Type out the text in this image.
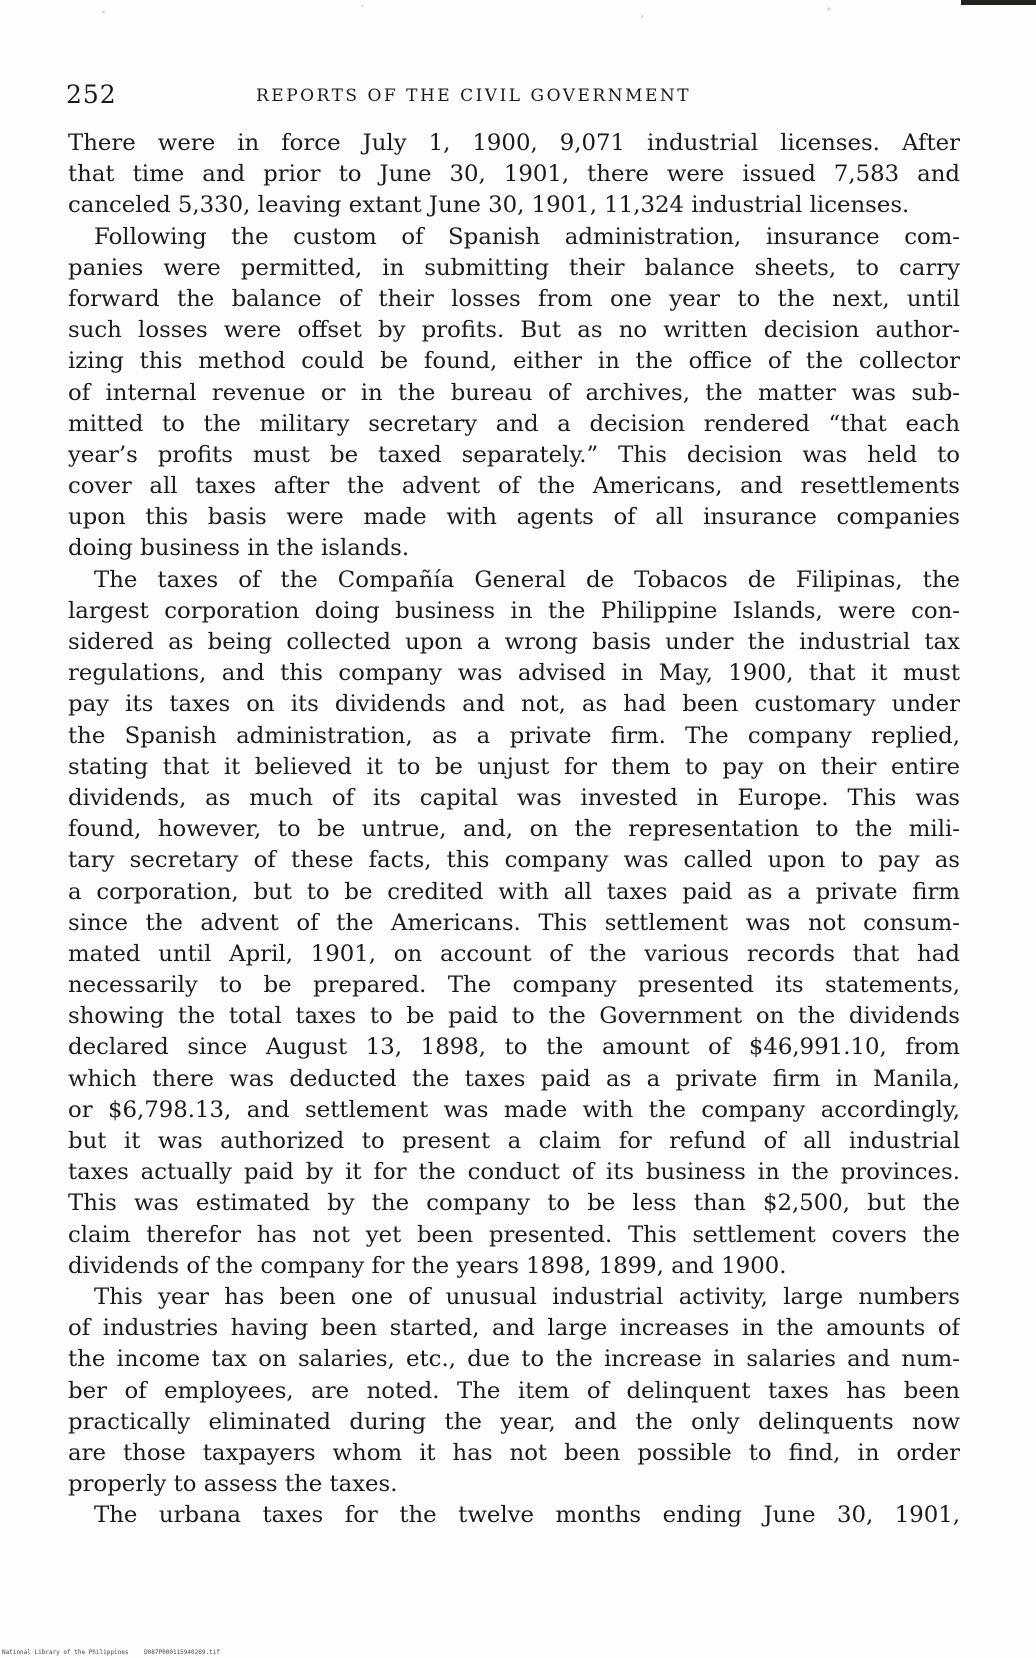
252	REPORTS OF THE CIVIL GOVERNMENT
There were in force July 1, 1900, 9,071 industrial licenses. After
that time and prior to June 30, 1901, there were issued 7,583 and
canceled 5,330, leaving extant June 30, 1901, 11,324 industrial licenses.
Following the custom of Spanish administration, insurance com-
panies were permitted, in submitting their balance sheets, to carry
forward the balance of their losses from one year to the next, until
such losses were offset by profits. But as no written decision author-
izing this method could be found, either in the office of the collector
of internal revenue or in the bureau of archives, the matter was sub-
mitted to the military secretary and a decision rendered “that each
year’s profits must be taxed separately.” This decision was held to
cover all taxes after the advent of the Americans, and resettlements
upon this basis were made with agents of all insurance companies
doing business in the islands.
The taxes of the Compañía General de Tobacos de Filipinas, the
largest corporation doing business in the Philippine Islands, were con-
sidered as being collected upon a wrong basis under the industrial tax
regulations, and this company was advised in May, 1900, that it must
pay its taxes on its dividends and not, as had been customary under
the Spanish administration, as a private firm. The company replied,
stating that it believed it to be unjust for them to pay on their entire
dividends, as much of its capital was invested in Europe. This was
found, however, to be untrue, and, on the representation to the mili-
tary secretary of these facts, this company was called upon to pay as
a corporation, but to be credited with all taxes paid as a private firm
since the advent of the Americans. This settlement was not consum-
mated until April, 1901, on account of the various records that had
necessarily to be prepared. The company presented its statements,
showing the total taxes to be paid to the Government on the dividends
declared since August 13, 1898, to the amount of $46,991.10, from
which there was deducted the taxes paid as a private firm in Manila,
or $6,798.13, and settlement was made with the company accordingly,
but it was authorized to present a claim for refund of all industrial
taxes actually paid by it for the conduct of its business in the provinces.
This was estimated by the company to be less than $2,500, but the
claim therefor has not yet been presented. This settlement covers the
dividends of the company for the years 1898, 1899, and 1900.
This year has been one of unusual industrial activity, large numbers
of industries having been started, and large increases in the amounts of
the income tax on salaries, etc., due to the increase in salaries and num-
ber of employees, are noted. The item of delinquent taxes has been
practically eliminated during the year, and the only delinquents now
are those taxpayers whom it has not been possible to find, in order
properly to assess the taxes.
The urbana taxes for the twelve months ending June 30, 1901,
National Library of the Philippines	D087P000115940269.tif
